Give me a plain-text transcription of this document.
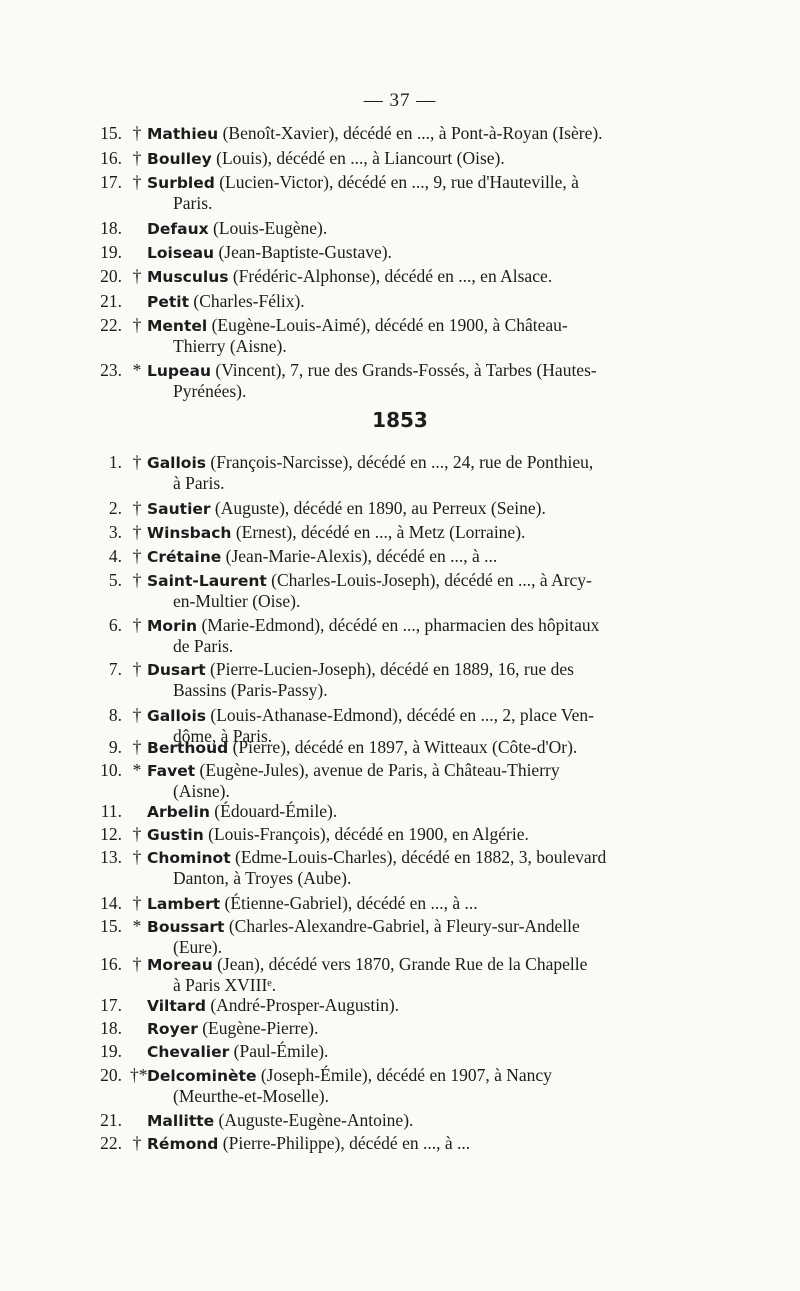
— 37 —
15. † Mathieu (Benoît-Xavier), décédé en ..., à Pont-à-Royan (Isère).
16. † Boulley (Louis), décédé en ..., à Liancourt (Oise).
17. † Surbled (Lucien-Victor), décédé en ..., 9, rue d'Hauteville, à
Paris.
18. Defaux (Louis-Eugène).
19. Loiseau (Jean-Baptiste-Gustave).
20. † Musculus (Frédéric-Alphonse), décédé en ..., en Alsace.
21. Petit (Charles-Félix).
22. † Mentel (Eugène-Louis-Aimé), décédé en 1900, à Château-
Thierry (Aisne).
23. * Lupeau (Vincent), 7, rue des Grands-Fossés, à Tarbes (Hautes-
Pyrénées).
1853
1. † Gallois (François-Narcisse), décédé en ..., 24, rue de Ponthieu,
à Paris.
2. † Sautier (Auguste), décédé en 1890, au Perreux (Seine).
3. † Winsbach (Ernest), décédé en ..., à Metz (Lorraine).
4. † Crétaine (Jean-Marie-Alexis), décédé en ..., à ...
5. † Saint-Laurent (Charles-Louis-Joseph), décédé en ..., à Arcy-
en-Multier (Oise).
6. † Morin (Marie-Edmond), décédé en ..., pharmacien des hôpitaux
de Paris.
7. † Dusart (Pierre-Lucien-Joseph), décédé en 1889, 16, rue des
Bassins (Paris-Passy).
8. † Gallois (Louis-Athanase-Edmond), décédé en ..., 2, place Ven-
dôme, à Paris.
9. † Berthoud (Pierre), décédé en 1897, à Witteaux (Côte-d'Or).
10. * Favet (Eugène-Jules), avenue de Paris, à Château-Thierry
(Aisne).
11. Arbelin (Édouard-Émile).
12. † Gustin (Louis-François), décédé en 1900, en Algérie.
13. † Chominot (Edme-Louis-Charles), décédé en 1882, 3, boulevard
Danton, à Troyes (Aube).
14. † Lambert (Étienne-Gabriel), décédé en ..., à ...
15. * Boussart (Charles-Alexandre-Gabriel, à Fleury-sur-Andelle
(Eure).
16. † Moreau (Jean), décédé vers 1870, Grande Rue de la Chapelle
à Paris XVIIIᵉ.
17. Viltard (André-Prosper-Augustin).
18. Royer (Eugène-Pierre).
19. Chevalier (Paul-Émile).
20. †* Delcominète (Joseph-Émile), décédé en 1907, à Nancy
(Meurthe-et-Moselle).
21. Mallitte (Auguste-Eugène-Antoine).
22. † Rémond (Pierre-Philippe), décédé en ..., à ...
